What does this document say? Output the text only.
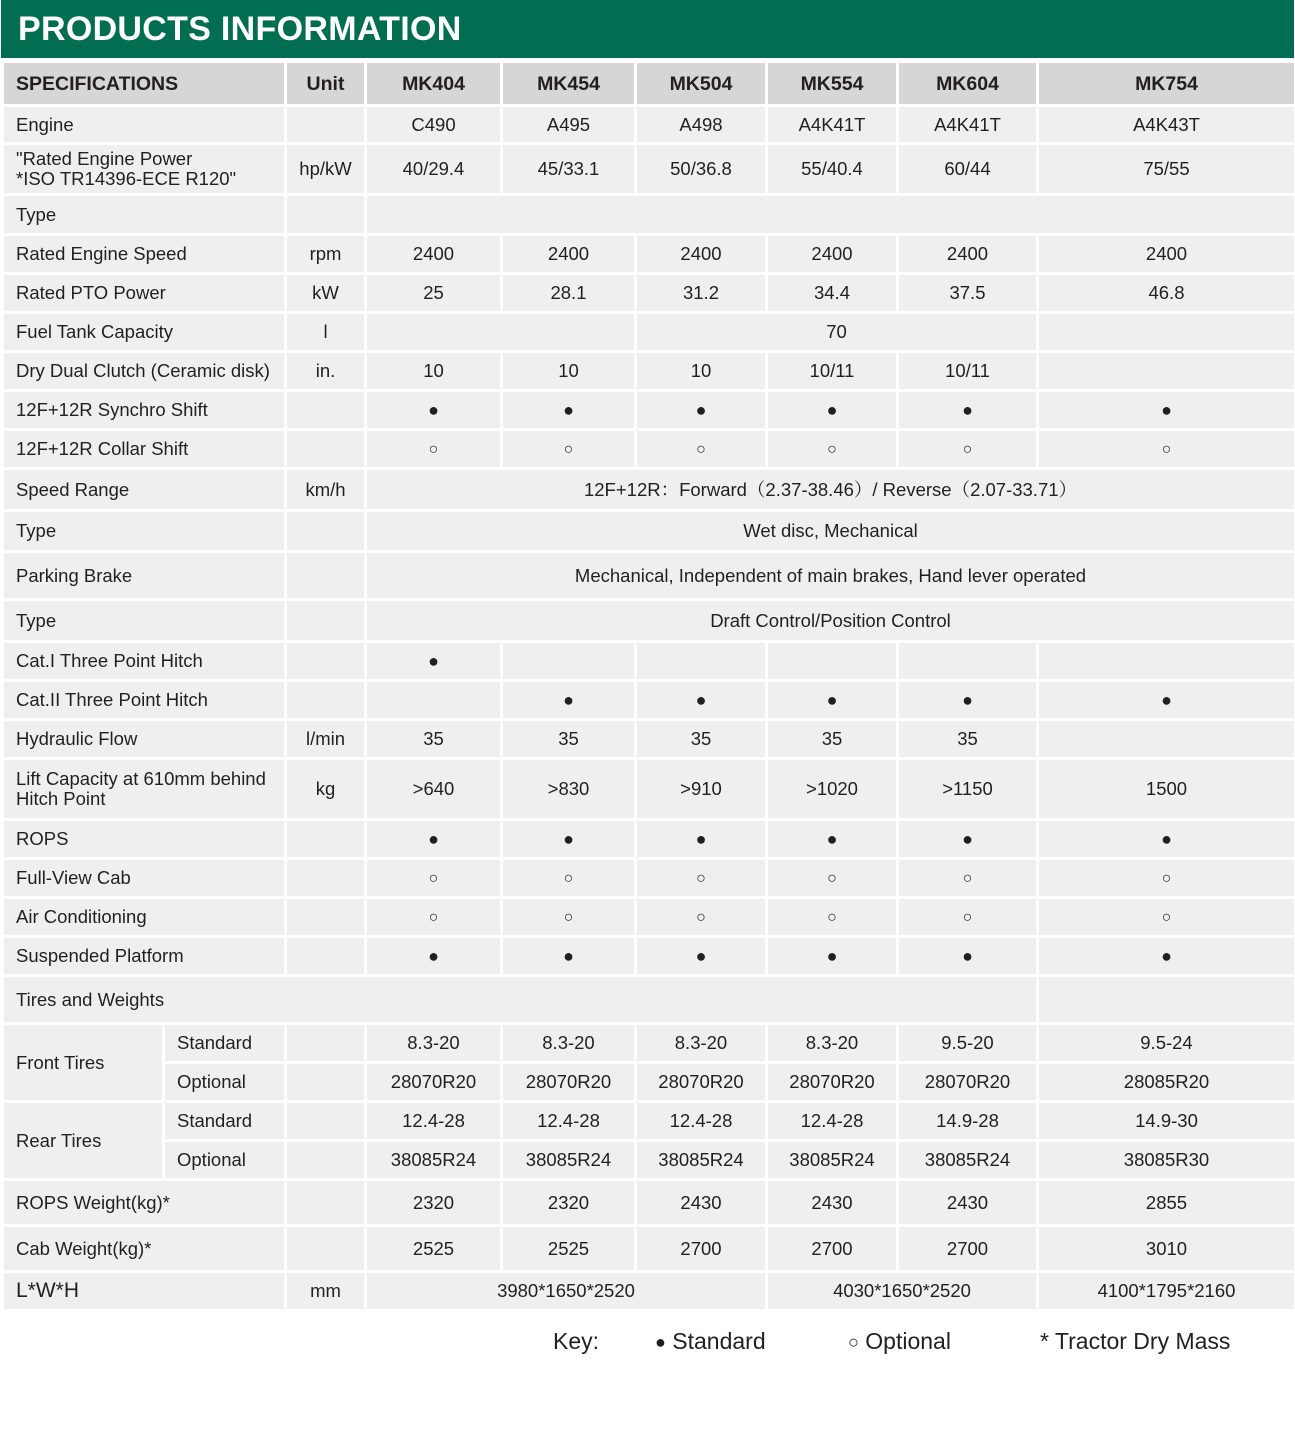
PRODUCTS INFORMATION
SPECIFICATIONS		Unit	MK404	MK454	MK504	MK554	MK604	MK754
Engine			C490	A495	A498	A4K41T	A4K41T	A4K43T

"Rated Engine Power
*ISO TR14396-ECE R120"		hp/kW	40/29.4	45/33.1	50/36.8	55/40.4	60/44	75/55
Type								
Rated Engine Speed		rpm	2400	2400	2400	2400	2400	2400
Rated PTO Power		kW	25	28.1	31.2	34.4	37.5	46.8
Fuel Tank Capacity		l			70			
Dry Dual Clutch (Ceramic disk)		in.	10	10	10	10/11	10/11	
12F+12R Synchro Shift			●	●	●	●	●	●
12F+12R Collar Shift			○	○	○	○	○	○
Speed Range		km/h	12F+12R：Forward（2.37-38.46）/ Reverse（2.07-33.71）					
Type			Wet disc, Mechanical					
Parking Brake			Mechanical, Independent of main brakes, Hand lever operated					
Type			Draft Control/Position Control					
Cat.I Three Point Hitch			●					
Cat.II Three Point Hitch				●	●	●	●	●
Hydraulic Flow		l/min	35	35	35	35	35	

Lift Capacity at 610mm behind
Hitch Point		kg	>640	>830	>910	>1020	>1150	1500
ROPS			●	●	●	●	●	●
Full-View Cab			○	○	○	○	○	○
Air Conditioning			○	○	○	○	○	○
Suspended Platform			●	●	●	●	●	●
Tires and Weights								
Front Tires	Standard		8.3-20	8.3-20	8.3-20	8.3-20	9.5-20	9.5-24
	Optional		28070R20	28070R20	28070R20	28070R20	28070R20	28085R20
Rear Tires	Standard		12.4-28	12.4-28	12.4-28	12.4-28	14.9-28	14.9-30
	Optional		38085R24	38085R24	38085R24	38085R24	38085R24	38085R30
ROPS Weight(kg)*			2320	2320	2430	2430	2430	2855
Cab Weight(kg)*			2525	2525	2700	2700	2700	3010
L*W*H		mm	3980*1650*2520			4030*1650*2520		4100*1795*2160
Key:	● Standard	○ Optional	* Tractor Dry Mass
